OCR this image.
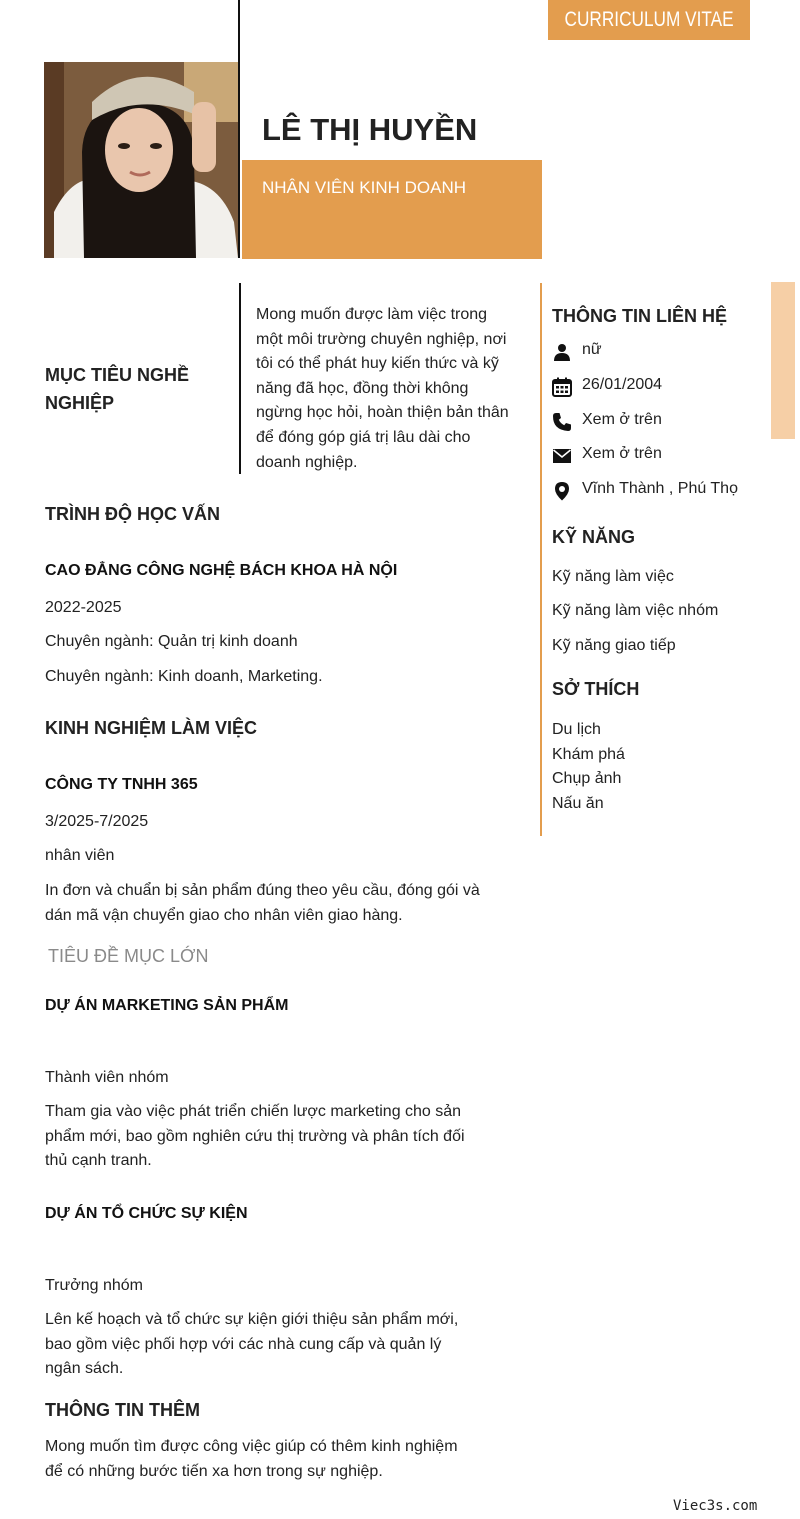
CURRICULUM VITAE
LÊ THỊ HUYỀN
NHÂN VIÊN KINH DOANH
MỤC TIÊU NGHỀ
NGHIỆP
Mong muốn được làm việc trong
một môi trường chuyên nghiệp, nơi
tôi có thể phát huy kiến thức và kỹ
năng đã học, đồng thời không
ngừng học hỏi, hoàn thiện bản thân
để đóng góp giá trị lâu dài cho
doanh nghiệp.
TRÌNH ĐỘ HỌC VẤN
CAO ĐẲNG CÔNG NGHỆ BÁCH KHOA HÀ NỘI
2022-2025
Chuyên ngành: Quản trị kinh doanh
Chuyên ngành: Kinh doanh, Marketing.
KINH NGHIỆM LÀM VIỆC
CÔNG TY TNHH 365
3/2025-7/2025
nhân viên
In đơn và chuẩn bị sản phẩm đúng theo yêu cầu, đóng gói và
dán mã vận chuyển giao cho nhân viên giao hàng.
TIÊU ĐỀ MỤC LỚN
DỰ ÁN MARKETING SẢN PHẨM
Thành viên nhóm
Tham gia vào việc phát triển chiến lược marketing cho sản
phẩm mới, bao gồm nghiên cứu thị trường và phân tích đối
thủ cạnh tranh.
DỰ ÁN TỔ CHỨC SỰ KIỆN
Trưởng nhóm
Lên kế hoạch và tổ chức sự kiện giới thiệu sản phẩm mới,
bao gồm việc phối hợp với các nhà cung cấp và quản lý
ngân sách.
THÔNG TIN THÊM
Mong muốn tìm được công việc giúp có thêm kinh nghiệm
để có những bước tiến xa hơn trong sự nghiệp.
THÔNG TIN LIÊN HỆ
nữ
26/01/2004
Xem ở trên
Xem ở trên
Vĩnh Thành , Phú Thọ
KỸ NĂNG
Kỹ năng làm việc
Kỹ năng làm việc nhóm
Kỹ năng giao tiếp
SỞ THÍCH
Du lịch
Khám phá
Chụp ảnh
Nấu ăn
Viec3s.com
